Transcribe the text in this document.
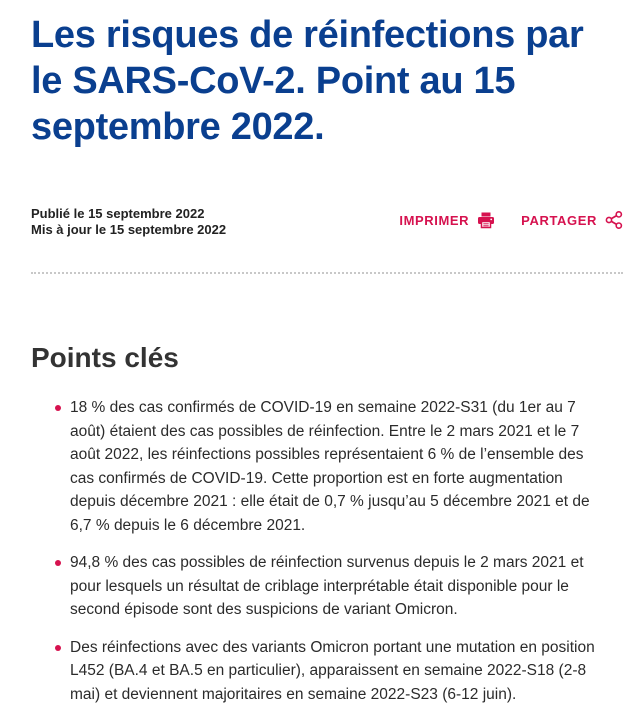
Les risques de réinfections par le SARS-CoV-2. Point au 15 septembre 2022.
Publié le 15 septembre 2022
Mis à jour le 15 septembre 2022
IMPRIMER	PARTAGER
Points clés
18 % des cas confirmés de COVID-19 en semaine 2022-S31 (du 1er au 7 août) étaient des cas possibles de réinfection. Entre le 2 mars 2021 et le 7 août 2022, les réinfections possibles représentaient 6 % de l’ensemble des cas confirmés de COVID-19. Cette proportion est en forte augmentation depuis décembre 2021 : elle était de 0,7 % jusqu’au 5 décembre 2021 et de 6,7 % depuis le 6 décembre 2021.
94,8 % des cas possibles de réinfection survenus depuis le 2 mars 2021 et pour lesquels un résultat de criblage interprétable était disponible pour le second épisode sont des suspicions de variant Omicron.
Des réinfections avec des variants Omicron portant une mutation en position L452 (BA.4 et BA.5 en particulier), apparaissent en semaine 2022-S18 (2-8 mai) et deviennent majoritaires en semaine 2022-S23 (6-12 juin).
